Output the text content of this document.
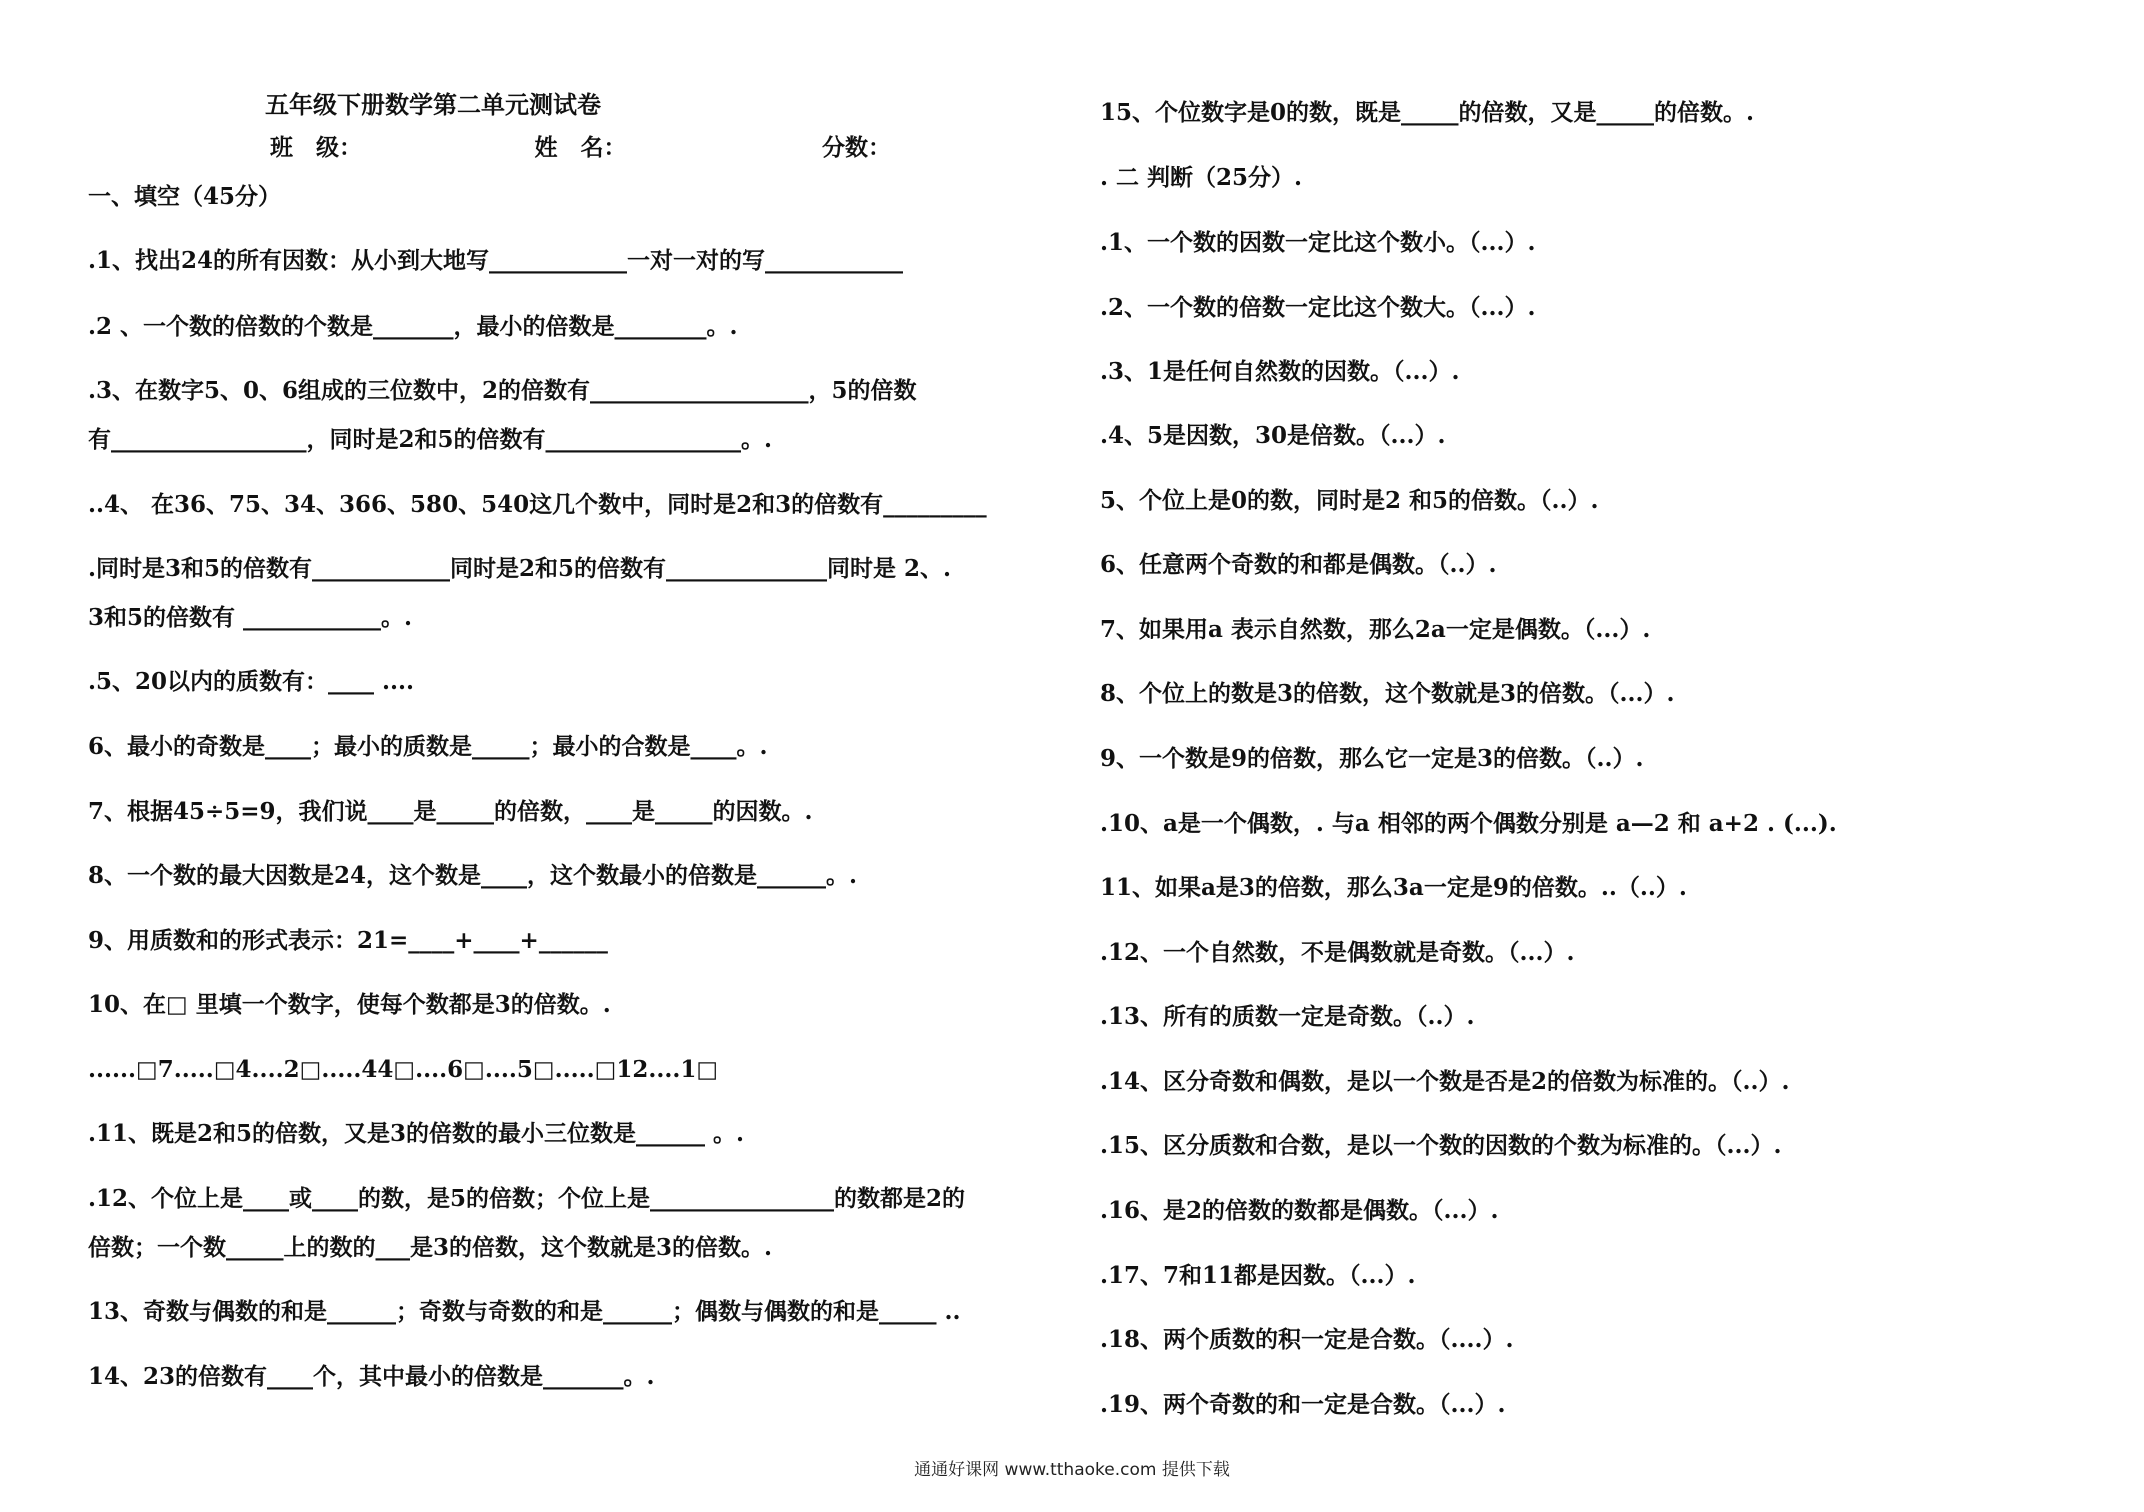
五年级下册数学第二单元测试卷
班　级：　　　　　　　　姓　名：　　　　　　　　　分数：
一、填空（45分）
.1、找出24的所有因数：从小到大地写____________一对一对的写____________
.2 、一个数的倍数的个数是_______，最小的倍数是________。.
.3、在数字5、0、6组成的三位数中，2的倍数有___________________，5的倍数
有_________________，同时是2和5的倍数有_________________。.
..4、 在36、75、34、366、580、540这几个数中，同时是2和3的倍数有_________
.同时是3和5的倍数有____________同时是2和5的倍数有______________同时是 2、.
3和5的倍数有 ____________。.
.5、20以内的质数有：____ ....
6、最小的奇数是____；最小的质数是_____；最小的合数是____。.
7、根据45÷5=9，我们说____是_____的倍数，____是_____的因数。.
8、一个数的最大因数是24，这个数是____，这个数最小的倍数是______。.
9、用质数和的形式表示：21=____+____+______
10、在□ 里填一个数字，使每个数都是3的倍数。.
......□7.....□4....2□.....44□....6□....5□.....□12....1□
.11、既是2和5的倍数，又是3的倍数的最小三位数是______ 。.
.12、个位上是____或____的数，是5的倍数；个位上是________________的数都是2的
倍数；一个数_____上的数的___是3的倍数，这个数就是3的倍数。.
13、奇数与偶数的和是______；奇数与奇数的和是______；偶数与偶数的和是_____ ..
14、23的倍数有____个，其中最小的倍数是_______。.
15、个位数字是0的数，既是_____的倍数，又是_____的倍数。.
. 二 判断（25分）.
.1、一个数的因数一定比这个数小。（...）.
.2、一个数的倍数一定比这个数大。（...）.
.3、1是任何自然数的因数。（...）.
.4、5是因数，30是倍数。（...）.
5、个位上是0的数，同时是2 和5的倍数。（..）.
6、任意两个奇数的和都是偶数。（..）.
7、如果用a 表示自然数，那么2a一定是偶数。（...）.
8、个位上的数是3的倍数，这个数就是3的倍数。（...）.
9、一个数是9的倍数，那么它一定是3的倍数。（..）.
.10、a是一个偶数，. 与a 相邻的两个偶数分别是 a—2 和 a+2 . (...).
11、如果a是3的倍数，那么3a一定是9的倍数。..（..）.
.12、一个自然数，不是偶数就是奇数。（...）.
.13、所有的质数一定是奇数。（..）.
.14、区分奇数和偶数，是以一个数是否是2的倍数为标准的。（..）.
.15、区分质数和合数，是以一个数的因数的个数为标准的。（...）.
.16、是2的倍数的数都是偶数。（...）.
.17、7和11都是因数。（...）.
.18、两个质数的积一定是合数。（....）.
.19、两个奇数的和一定是合数。（...）.
通通好课网 www.tthaoke.com 提供下载
